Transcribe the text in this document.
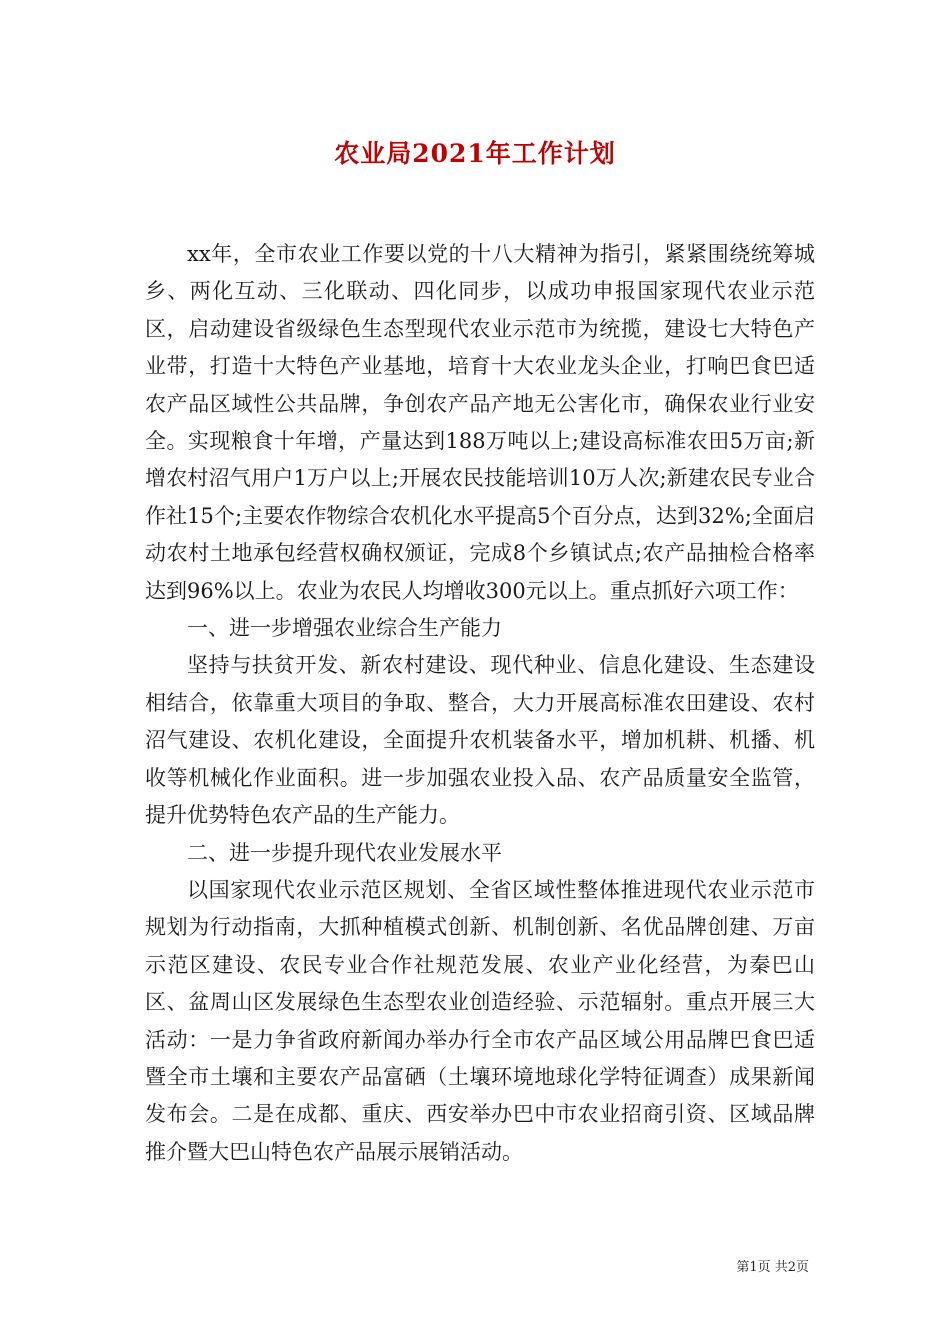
农业局2021年工作计划

xx年，全市农业工作要以党的十八大精神为指引，紧紧围绕统筹城乡、两化互动、三化联动、四化同步，以成功申报国家现代农业示范区，启动建设省级绿色生态型现代农业示范市为统揽，建设七大特色产业带，打造十大特色产业基地，培育十大农业龙头企业，打响巴食巴适农产品区域性公共品牌，争创农产品产地无公害化市，确保农业行业安全。实现粮食十年增，产量达到188万吨以上;建设高标准农田5万亩;新增农村沼气用户1万户以上;开展农民技能培训10万人次;新建农民专业合作社15个;主要农作物综合农机化水平提高5个百分点，达到32%;全面启动农村土地承包经营权确权颁证，完成8个乡镇试点;农产品抽检合格率达到96%以上。农业为农民人均增收300元以上。重点抓好六项工作：

一、进一步增强农业综合生产能力

坚持与扶贫开发、新农村建设、现代种业、信息化建设、生态建设相结合，依靠重大项目的争取、整合，大力开展高标准农田建设、农村沼气建设、农机化建设，全面提升农机装备水平，增加机耕、机播、机收等机械化作业面积。进一步加强农业投入品、农产品质量安全监管，提升优势特色农产品的生产能力。

二、进一步提升现代农业发展水平

以国家现代农业示范区规划、全省区域性整体推进现代农业示范市规划为行动指南，大抓种植模式创新、机制创新、名优品牌创建、万亩示范区建设、农民专业合作社规范发展、农业产业化经营，为秦巴山区、盆周山区发展绿色生态型农业创造经验、示范辐射。重点开展三大活动：一是力争省政府新闻办举办行全市农产品区域公用品牌巴食巴适暨全市土壤和主要农产品富硒（土壤环境地球化学特征调查）成果新闻发布会。二是在成都、重庆、西安举办巴中市农业招商引资、区域品牌推介暨大巴山特色农产品展示展销活动。

第1页 共2页
